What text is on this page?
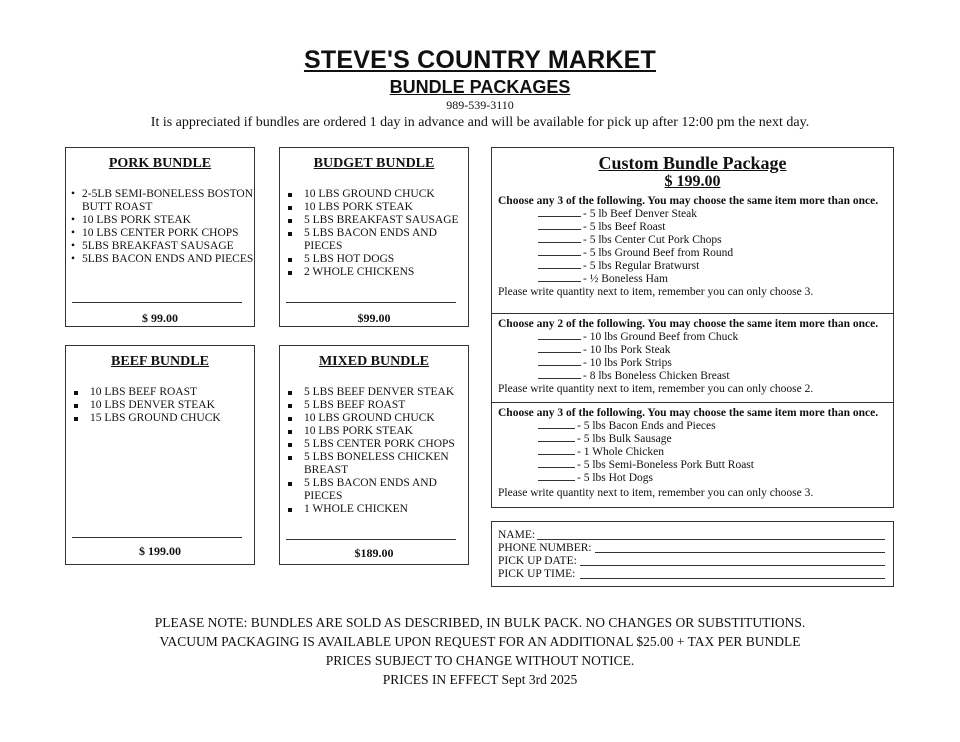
STEVE'S COUNTRY MARKET
BUNDLE PACKAGES
989-539-3110
It is appreciated if bundles are ordered 1 day in advance and will be available for pick up after 12:00 pm the next day.
PORK BUNDLE
• 2-5LB SEMI-BONELESS BOSTON BUTT ROAST
• 10 LBS PORK STEAK
• 10 LBS CENTER PORK CHOPS
• 5LBS BREAKFAST SAUSAGE
• 5LBS BACON ENDS AND PIECES
$ 99.00
BUDGET BUNDLE
10 LBS GROUND CHUCK
10 LBS PORK STEAK
5 LBS BREAKFAST SAUSAGE
5 LBS BACON ENDS AND PIECES
5 LBS HOT DOGS
2 WHOLE CHICKENS
$99.00
BEEF BUNDLE
10 LBS BEEF ROAST
10 LBS DENVER STEAK
15 LBS GROUND CHUCK
$ 199.00
MIXED BUNDLE
5 LBS BEEF DENVER STEAK
5 LBS BEEF ROAST
10 LBS GROUND CHUCK
10 LBS PORK STEAK
5 LBS CENTER PORK CHOPS
5 LBS BONELESS CHICKEN BREAST
5 LBS BACON ENDS AND PIECES
1 WHOLE CHICKEN
$189.00
Custom Bundle Package
$ 199.00
Choose any 3 of the following. You may choose the same item more than once.
- 5 lb Beef Denver Steak
- 5 lbs Beef Roast
- 5 lbs Center Cut Pork Chops
- 5 lbs Ground Beef from Round
- 5 lbs Regular Bratwurst
- ½ Boneless Ham
Please write quantity next to item, remember you can only choose 3.
Choose any 2 of the following. You may choose the same item more than once.
- 10 lbs Ground Beef from Chuck
- 10 lbs Pork Steak
- 10 lbs Pork Strips
- 8 lbs Boneless Chicken Breast
Please write quantity next to item, remember you can only choose 2.
Choose any 3 of the following. You may choose the same item more than once.
- 5 lbs Bacon Ends and Pieces
- 5 lbs Bulk Sausage
- 1 Whole Chicken
- 5 lbs Semi-Boneless Pork Butt Roast
- 5 lbs Hot Dogs
Please write quantity next to item, remember you can only choose 3.
NAME:
PHONE NUMBER:
PICK UP DATE:
PICK UP TIME:
PLEASE NOTE: BUNDLES ARE SOLD AS DESCRIBED, IN BULK PACK. NO CHANGES OR SUBSTITUTIONS.
VACUUM PACKAGING IS AVAILABLE UPON REQUEST FOR AN ADDITIONAL $25.00 + TAX PER BUNDLE
PRICES SUBJECT TO CHANGE WITHOUT NOTICE.
PRICES IN EFFECT Sept 3rd 2025
